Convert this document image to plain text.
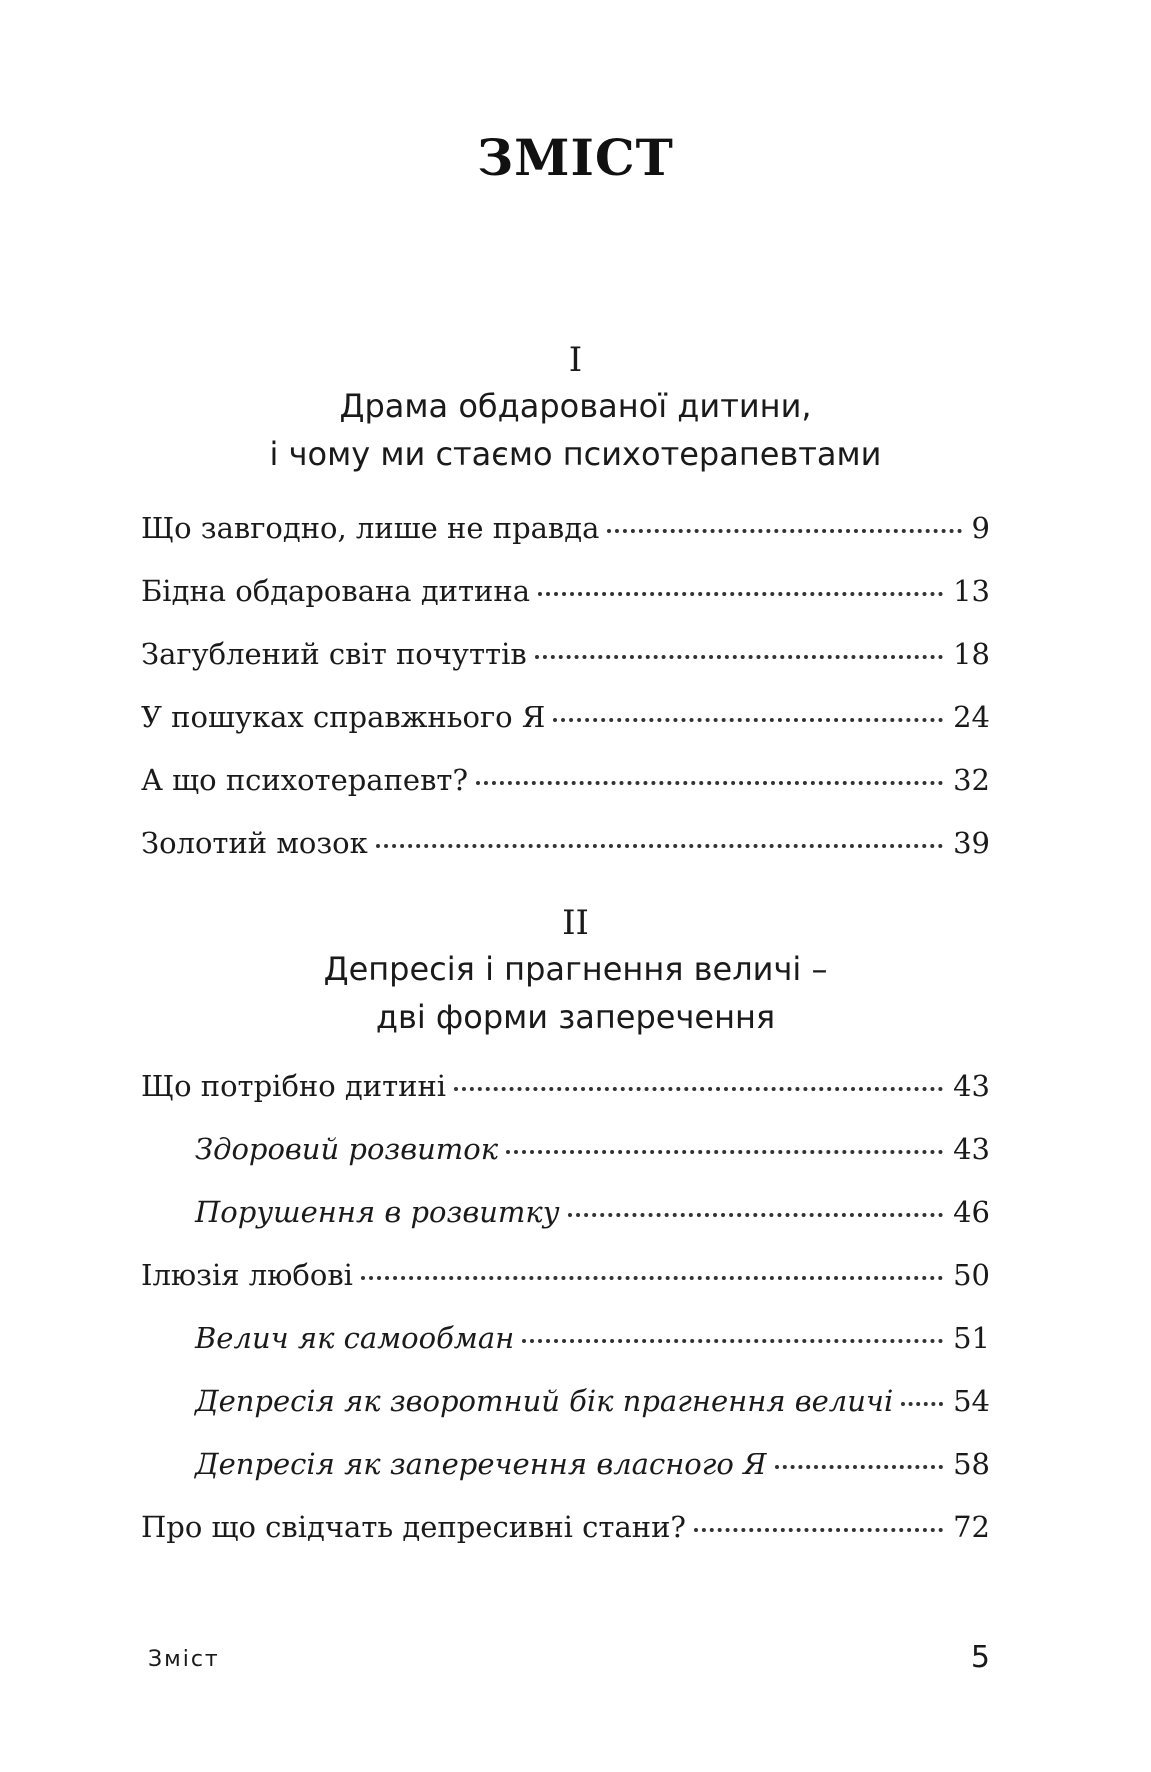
ЗМІСТ
I
Драма обдарованої дитини,
і чому ми стаємо психотерапевтами
Що завгодно, лише не правда	9
Бідна обдарована дитина	13
Загублений світ почуттів	18
У пошуках справжнього Я	24
А що психотерапевт?	32
Золотий мозок	39
II
Депресія і прагнення величі –
дві форми заперечення
Що потрібно дитині	43
Здоровий розвиток	43
Порушення в розвитку	46
Ілюзія любові	50
Велич як самообман	51
Депресія як зворотний бік прагнення величі 54
Депресія як заперечення власного Я	58
Про що свідчать депресивні стани?	72
Зміст	5
